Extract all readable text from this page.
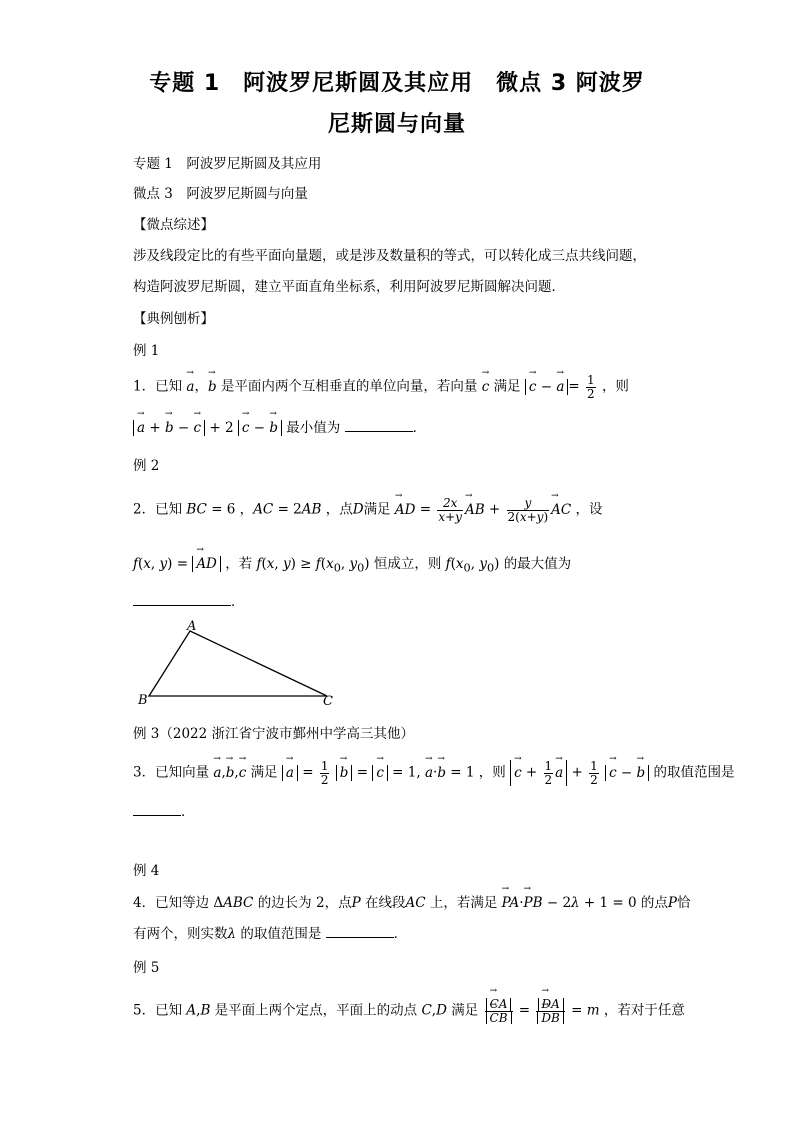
专题 1　阿波罗尼斯圆及其应用　微点 3 阿波罗
尼斯圆与向量
专题 1　阿波罗尼斯圆及其应用
微点 3　阿波罗尼斯圆与向量
【微点综述】
涉及线段定比的有些平面向量题，或是涉及数量积的等式，可以转化成三点共线问题，
构造阿波罗尼斯圆，建立平面直角坐标系，利用阿波罗尼斯圆解决问题．
【典例刨析】
例 1
1．已知 → a，→ b 是平面内两个互相垂直的单位向量，若向量 → c 满足 → c − → $a = \frac{1}{2}$ ，则
→ a + → b − → c + 2 → c − → b 最小值为	．
例 2
2．已知 BC = 6 ，AC = 2AB ，点D满足 → AD = $\frac{2x}{x+y}$
→ AB + $\frac{y}{2(x+y)}$
→ AC ，设
f(x, y) = → AD ，若 f(x, $y) \ge f(x_0$, $y_0$) 恒成立，则 $f(x_0$, $y_0$) 的最大值为
．
A
B	C
例 3（2022 浙江省宁波市鄞州中学高三其他）
3．已知向量 → a,→ b,→ c 满足 → $a = \frac{1}{2}$
→ b = → c = 1, → a·→ b = 1 ，则 → $c + \frac{1}{2}$
→ $a + \frac{1}{2}$
→ c − → b 的取值范围是
．
例 4
4．已知等边 ΔABC 的边长为 2，点P 在线段AC 上，若满足 → PA·→ PB − 2λ + 1 = 0 的点P恰
有两个，则实数λ 的取值范围是	．
例 5
5．已知 A,B 是平面上两个定点，平面上的动点 C,D 满足
→ CA
→ CB =
→ DA
→ DB = m ，若对于任意
